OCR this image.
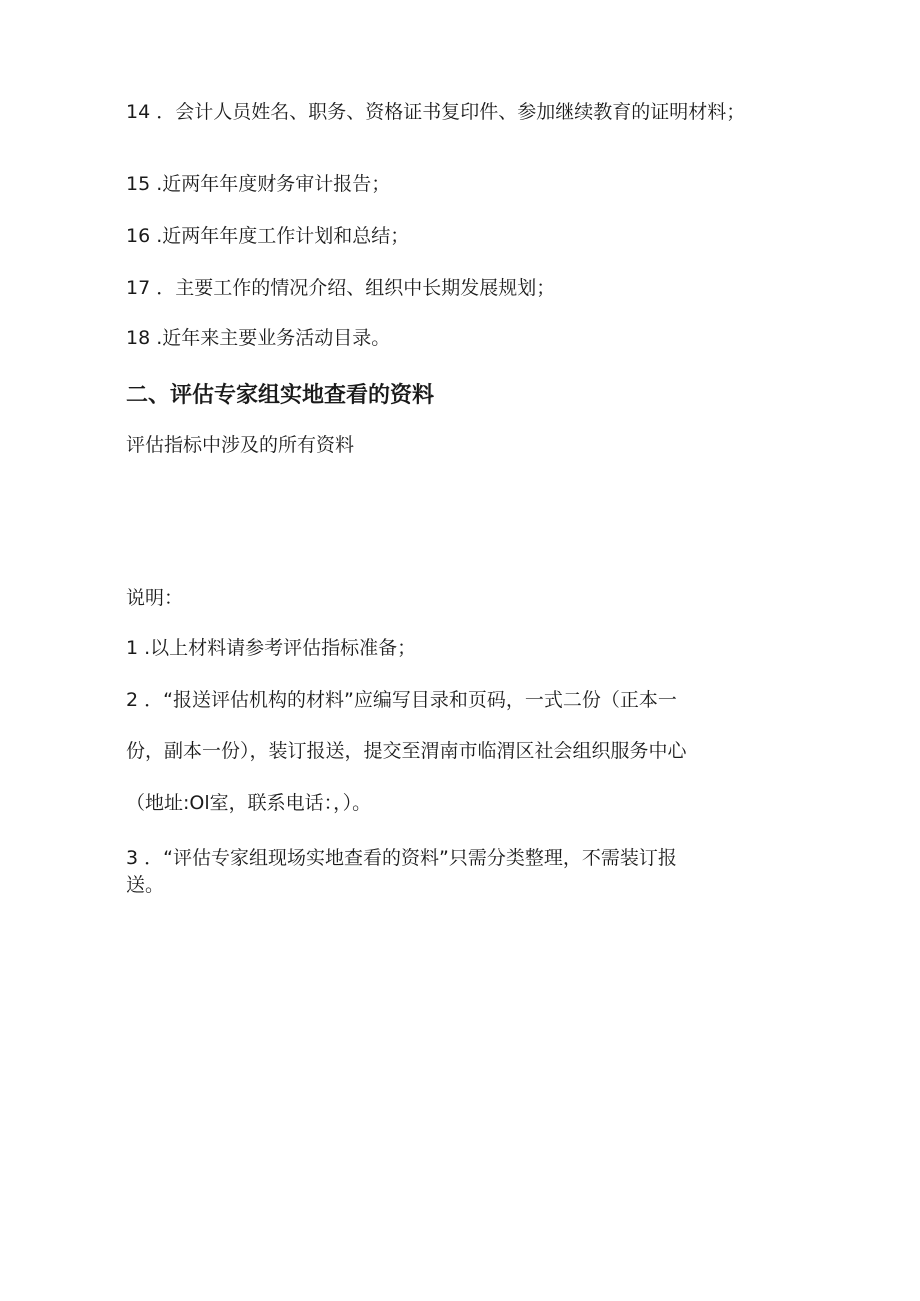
14 ．会计人员姓名、职务、资格证书复印件、参加继续教育的证明材料；

15 .近两年年度财务审计报告；

16 .近两年年度工作计划和总结；

17 ．主要工作的情况介绍、组织中长期发展规划；

18 .近年来主要业务活动目录。

二、评估专家组实地查看的资料

评估指标中涉及的所有资料

说明：

1 .以上材料请参考评估指标准备；

2 ．“报送评估机构的材料”应编写目录和页码，一式二份（正本一

份，副本一份），装订报送，提交至渭南市临渭区社会组织服务中心

（地址:Ol室，联系电话：，）。

3 ．“评估专家组现场实地查看的资料”只需分类整理，不需装订报

送。
